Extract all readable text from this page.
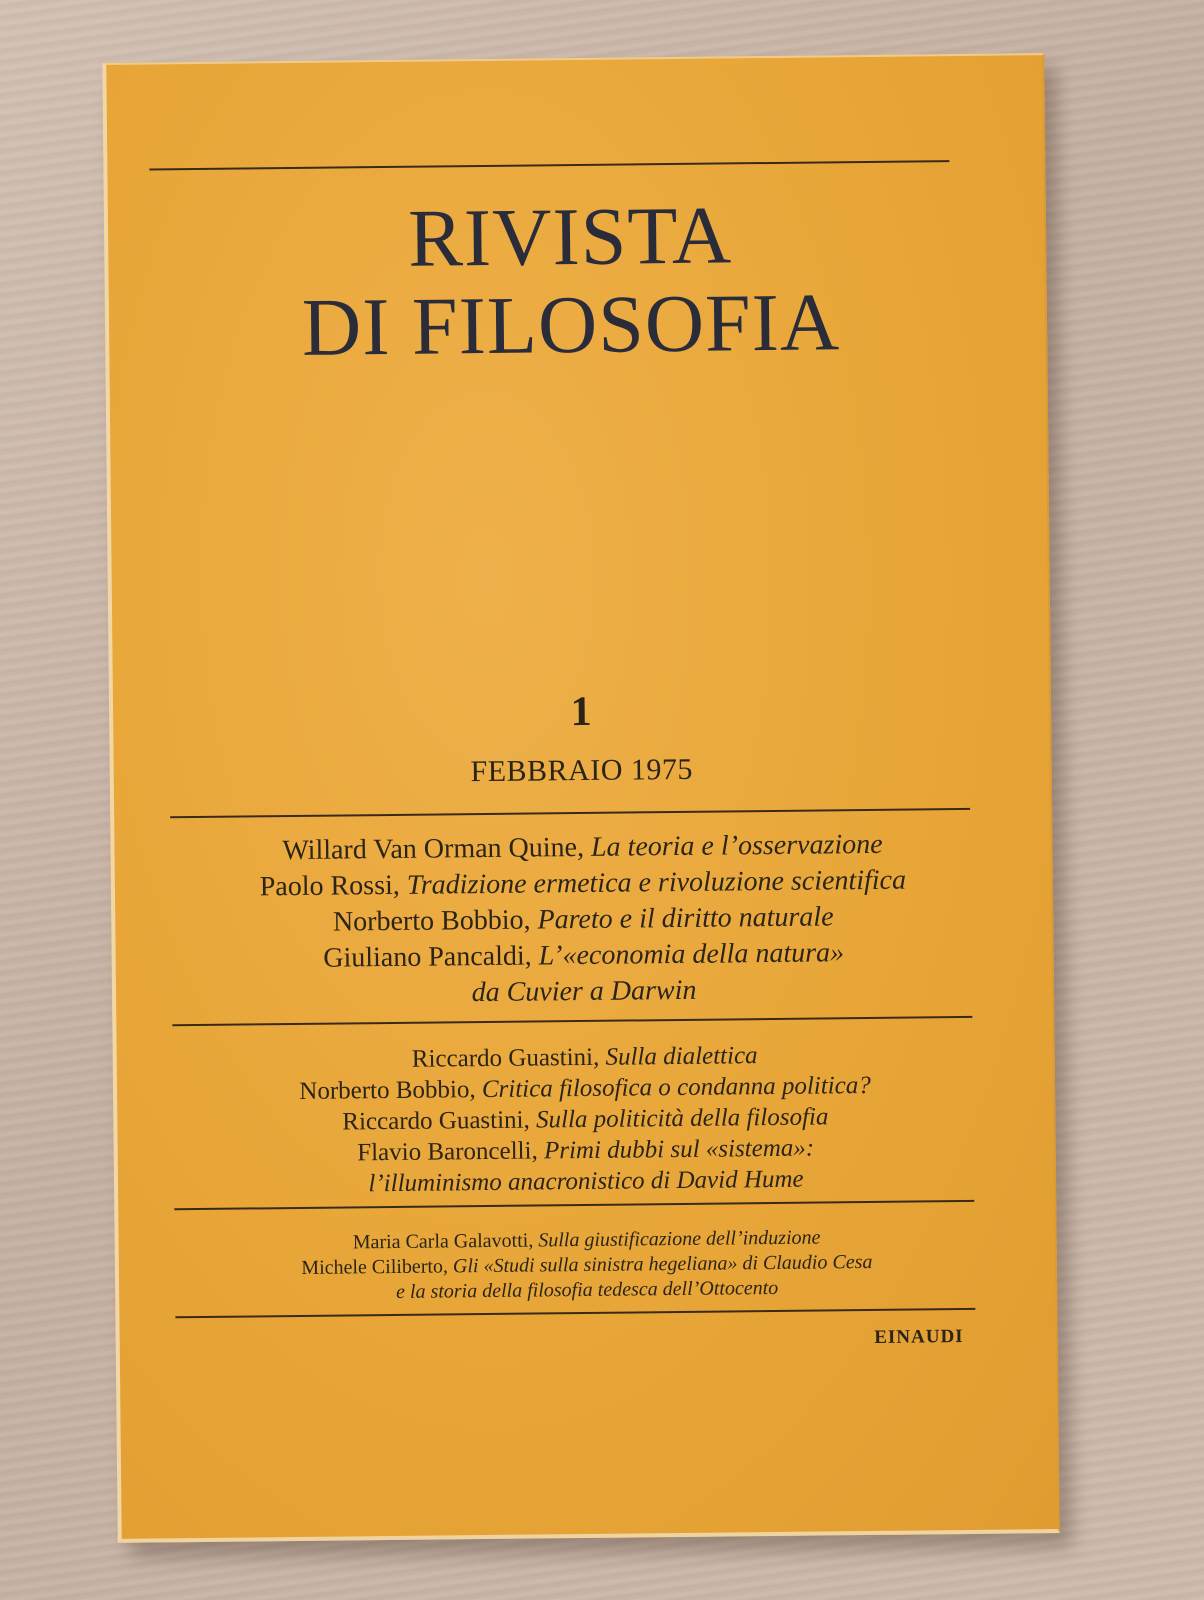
RIVISTA
DI FILOSOFIA
1
FEBBRAIO 1975
Willard Van Orman Quine, La teoria e l’osservazione
Paolo Rossi, Tradizione ermetica e rivoluzione scientifica
Norberto Bobbio, Pareto e il diritto naturale
Giuliano Pancaldi, L’«economia della natura»
da Cuvier a Darwin
Riccardo Guastini, Sulla dialettica
Norberto Bobbio, Critica filosofica o condanna politica?
Riccardo Guastini, Sulla politicità della filosofia
Flavio Baroncelli, Primi dubbi sul «sistema»:
l’illuminismo anacronistico di David Hume
Maria Carla Galavotti, Sulla giustificazione dell’induzione
Michele Ciliberto, Gli «Studi sulla sinistra hegeliana» di Claudio Cesa
e la storia della filosofia tedesca dell’Ottocento
EINAUDI
